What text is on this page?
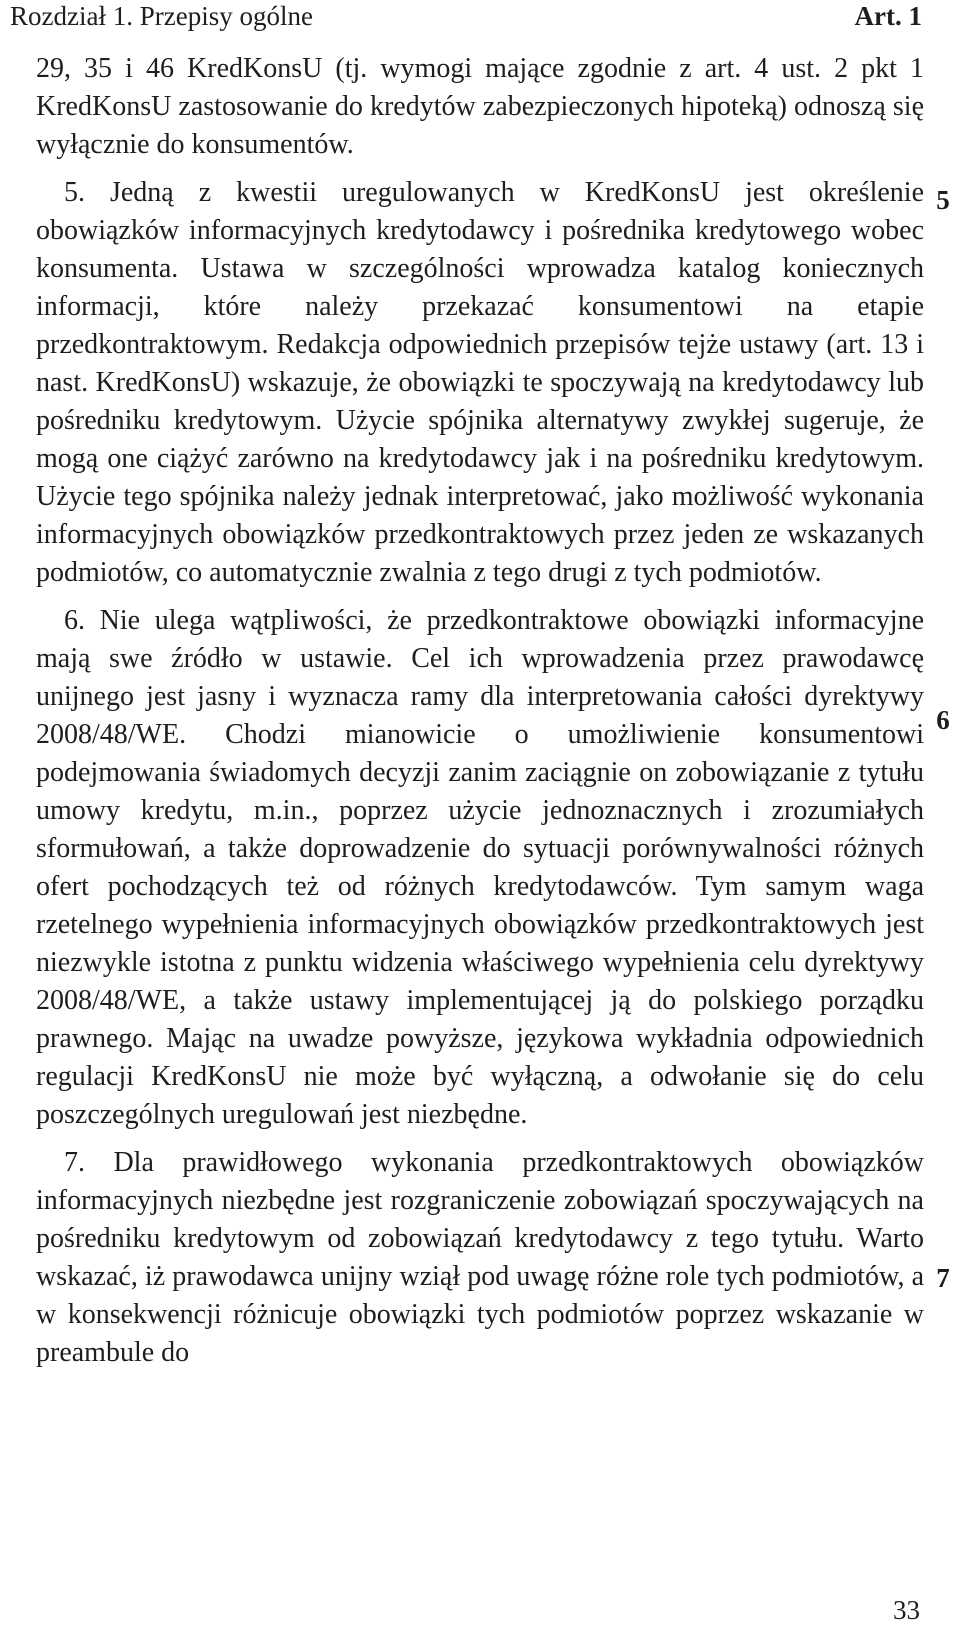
Rozdział 1. Przepisy ogólne	Art. 1

29, 35 i 46 KredKonsU (tj. wymogi mające zgodnie z art. 4 ust. 2 pkt 1 KredKonsU zastosowanie do kredytów zabezpieczonych hipoteką) odnoszą się wyłącznie do konsumentów.

5. Jedną z kwestii uregulowanych w KredKonsU jest określenie obowiązków informacyjnych kredytodawcy i pośrednika kredytowego wobec konsumenta. Ustawa w szczególności wprowadza katalog koniecznych informacji, które należy przekazać konsumentowi na etapie przedkontraktowym. Redakcja odpowiednich przepisów tejże ustawy (art. 13 i nast. KredKonsU) wskazuje, że obowiązki te spoczywają na kredytodawcy lub pośredniku kredytowym. Użycie spójnika alternatywy zwykłej sugeruje, że mogą one ciążyć zarówno na kredytodawcy jak i na pośredniku kredytowym. Użycie tego spójnika należy jednak interpretować, jako możliwość wykonania informacyjnych obowiązków przedkontraktowych przez jeden ze wskazanych podmiotów, co automatycznie zwalnia z tego drugi z tych podmiotów.

6. Nie ulega wątpliwości, że przedkontraktowe obowiązki informacyjne mają swe źródło w ustawie. Cel ich wprowadzenia przez prawodawcę unijnego jest jasny i wyznacza ramy dla interpretowania całości dyrektywy 2008/48/WE. Chodzi mianowicie o umożliwienie konsumentowi podejmowania świadomych decyzji zanim zaciągnie on zobowiązanie z tytułu umowy kredytu, m.in., poprzez użycie jednoznacznych i zrozumiałych sformułowań, a także doprowadzenie do sytuacji porównywalności różnych ofert pochodzących też od różnych kredytodawców. Tym samym waga rzetelnego wypełnienia informacyjnych obowiązków przedkontraktowych jest niezwykle istotna z punktu widzenia właściwego wypełnienia celu dyrektywy 2008/48/WE, a także ustawy implementującej ją do polskiego porządku prawnego. Mając na uwadze powyższe, językowa wykładnia odpowiednich regulacji KredKonsU nie może być wyłączną, a odwołanie się do celu poszczególnych uregulowań jest niezbędne.

7. Dla prawidłowego wykonania przedkontraktowych obowiązków informacyjnych niezbędne jest rozgraniczenie zobowiązań spoczywających na pośredniku kredytowym od zobowiązań kredytodawcy z tego tytułu. Warto wskazać, iż prawodawca unijny wziął pod uwagę różne role tych podmiotów, a w konsekwencji różnicuje obowiązki tych podmiotów poprzez wskazanie w preambule do

5
6
7
33
